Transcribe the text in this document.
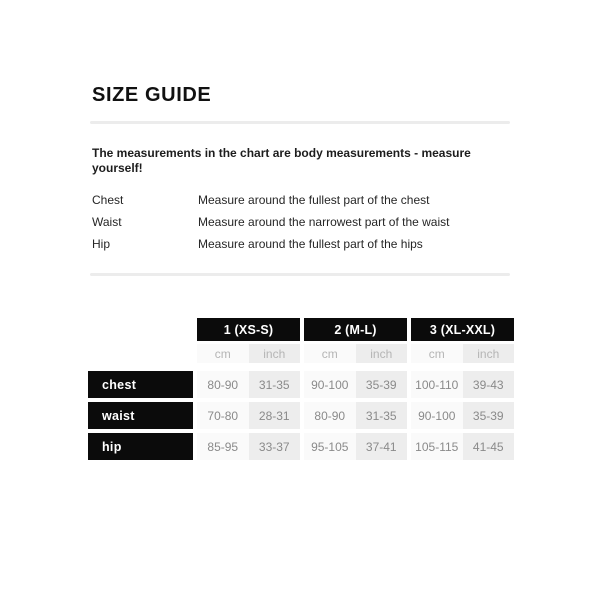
SIZE GUIDE

The measurements in the chart are body measurements - measure yourself!

Chest	Measure around the fullest part of the chest
Waist	Measure around the narrowest part of the waist
Hip	Measure around the fullest part of the hips
1 (XS-S)	2 (M-L)	3 (XL-XXL)
cm	inch	cm	inch	cm	inch
chest	80-90	31-35	90-100	35-39	100-110	39-43
waist	70-80	28-31	80-90	31-35	90-100	35-39
hip	85-95	33-37	95-105	37-41	105-115	41-45
